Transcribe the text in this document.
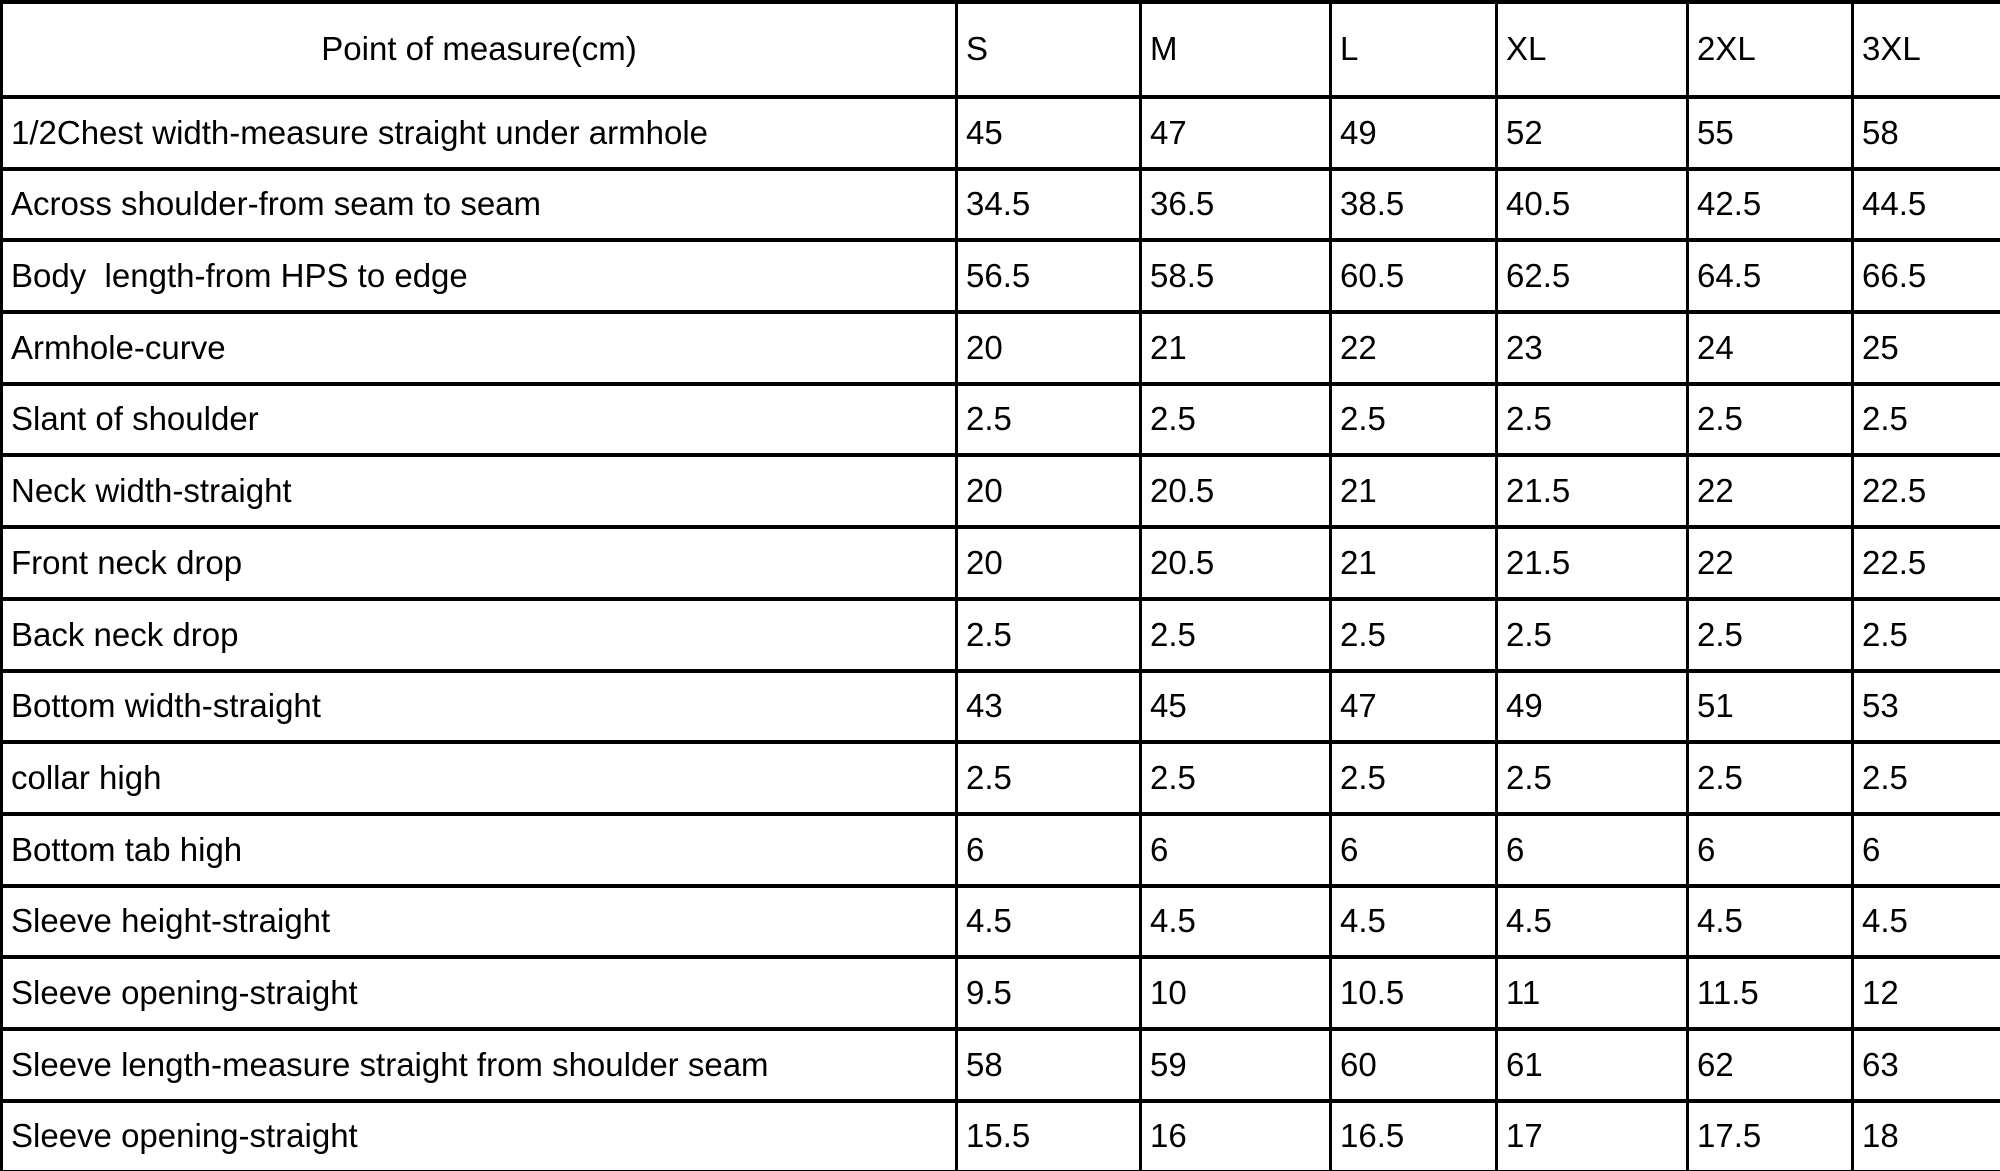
Point of measure(cm)	S	M	L	XL	2XL	3XL
1/2Chest width-measure straight under armhole	45	47	49	52	55	58
Across shoulder-from seam to seam	34.5	36.5	38.5	40.5	42.5	44.5
Body  length-from HPS to edge	56.5	58.5	60.5	62.5	64.5	66.5
Armhole-curve	20	21	22	23	24	25
Slant of shoulder	2.5	2.5	2.5	2.5	2.5	2.5
Neck width-straight	20	20.5	21	21.5	22	22.5
Front neck drop	20	20.5	21	21.5	22	22.5
Back neck drop	2.5	2.5	2.5	2.5	2.5	2.5
Bottom width-straight	43	45	47	49	51	53
collar high	2.5	2.5	2.5	2.5	2.5	2.5
Bottom tab high	6	6	6	6	6	6
Sleeve height-straight	4.5	4.5	4.5	4.5	4.5	4.5
Sleeve opening-straight	9.5	10	10.5	11	11.5	12
Sleeve length-measure straight from shoulder seam	58	59	60	61	62	63
Sleeve opening-straight	15.5	16	16.5	17	17.5	18
